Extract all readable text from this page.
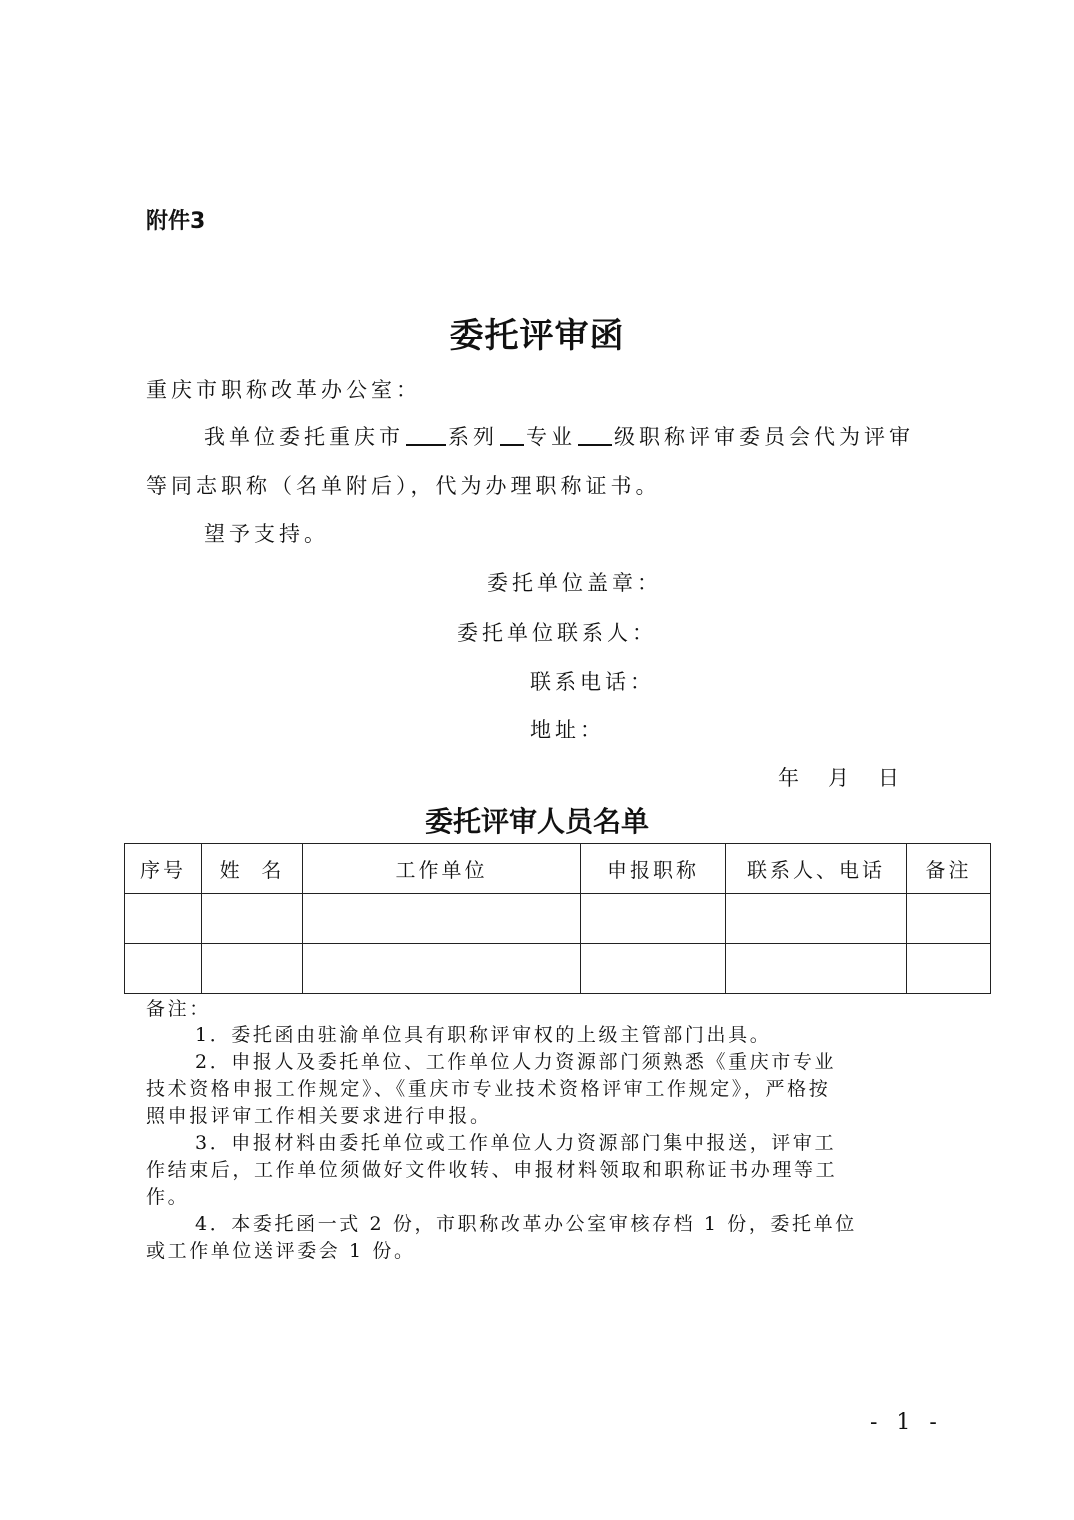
附件3
委托评审函
重庆市职称改革办公室：
我单位委托重庆市 系列 专业 级职称评审委员会代为评审
等同志职称（名单附后），代为办理职称证书。
望予支持。
委托单位盖章：
委托单位联系人：
联系电话：
地址：
年　月　日
委托评审人员名单
序号	姓  名	工作单位	申报职称	联系人、电话	备注

备注：
1．委托函由驻渝单位具有职称评审权的上级主管部门出具。
2．申报人及委托单位、工作单位人力资源部门须熟悉《重庆市专业
技术资格申报工作规定》、《重庆市专业技术资格评审工作规定》，严格按
照申报评审工作相关要求进行申报。
3．申报材料由委托单位或工作单位人力资源部门集中报送，评审工
作结束后，工作单位须做好文件收转、申报材料领取和职称证书办理等工
作。
4．本委托函一式 2 份，市职称改革办公室审核存档 1 份，委托单位
或工作单位送评委会 1 份。
- 1 -
